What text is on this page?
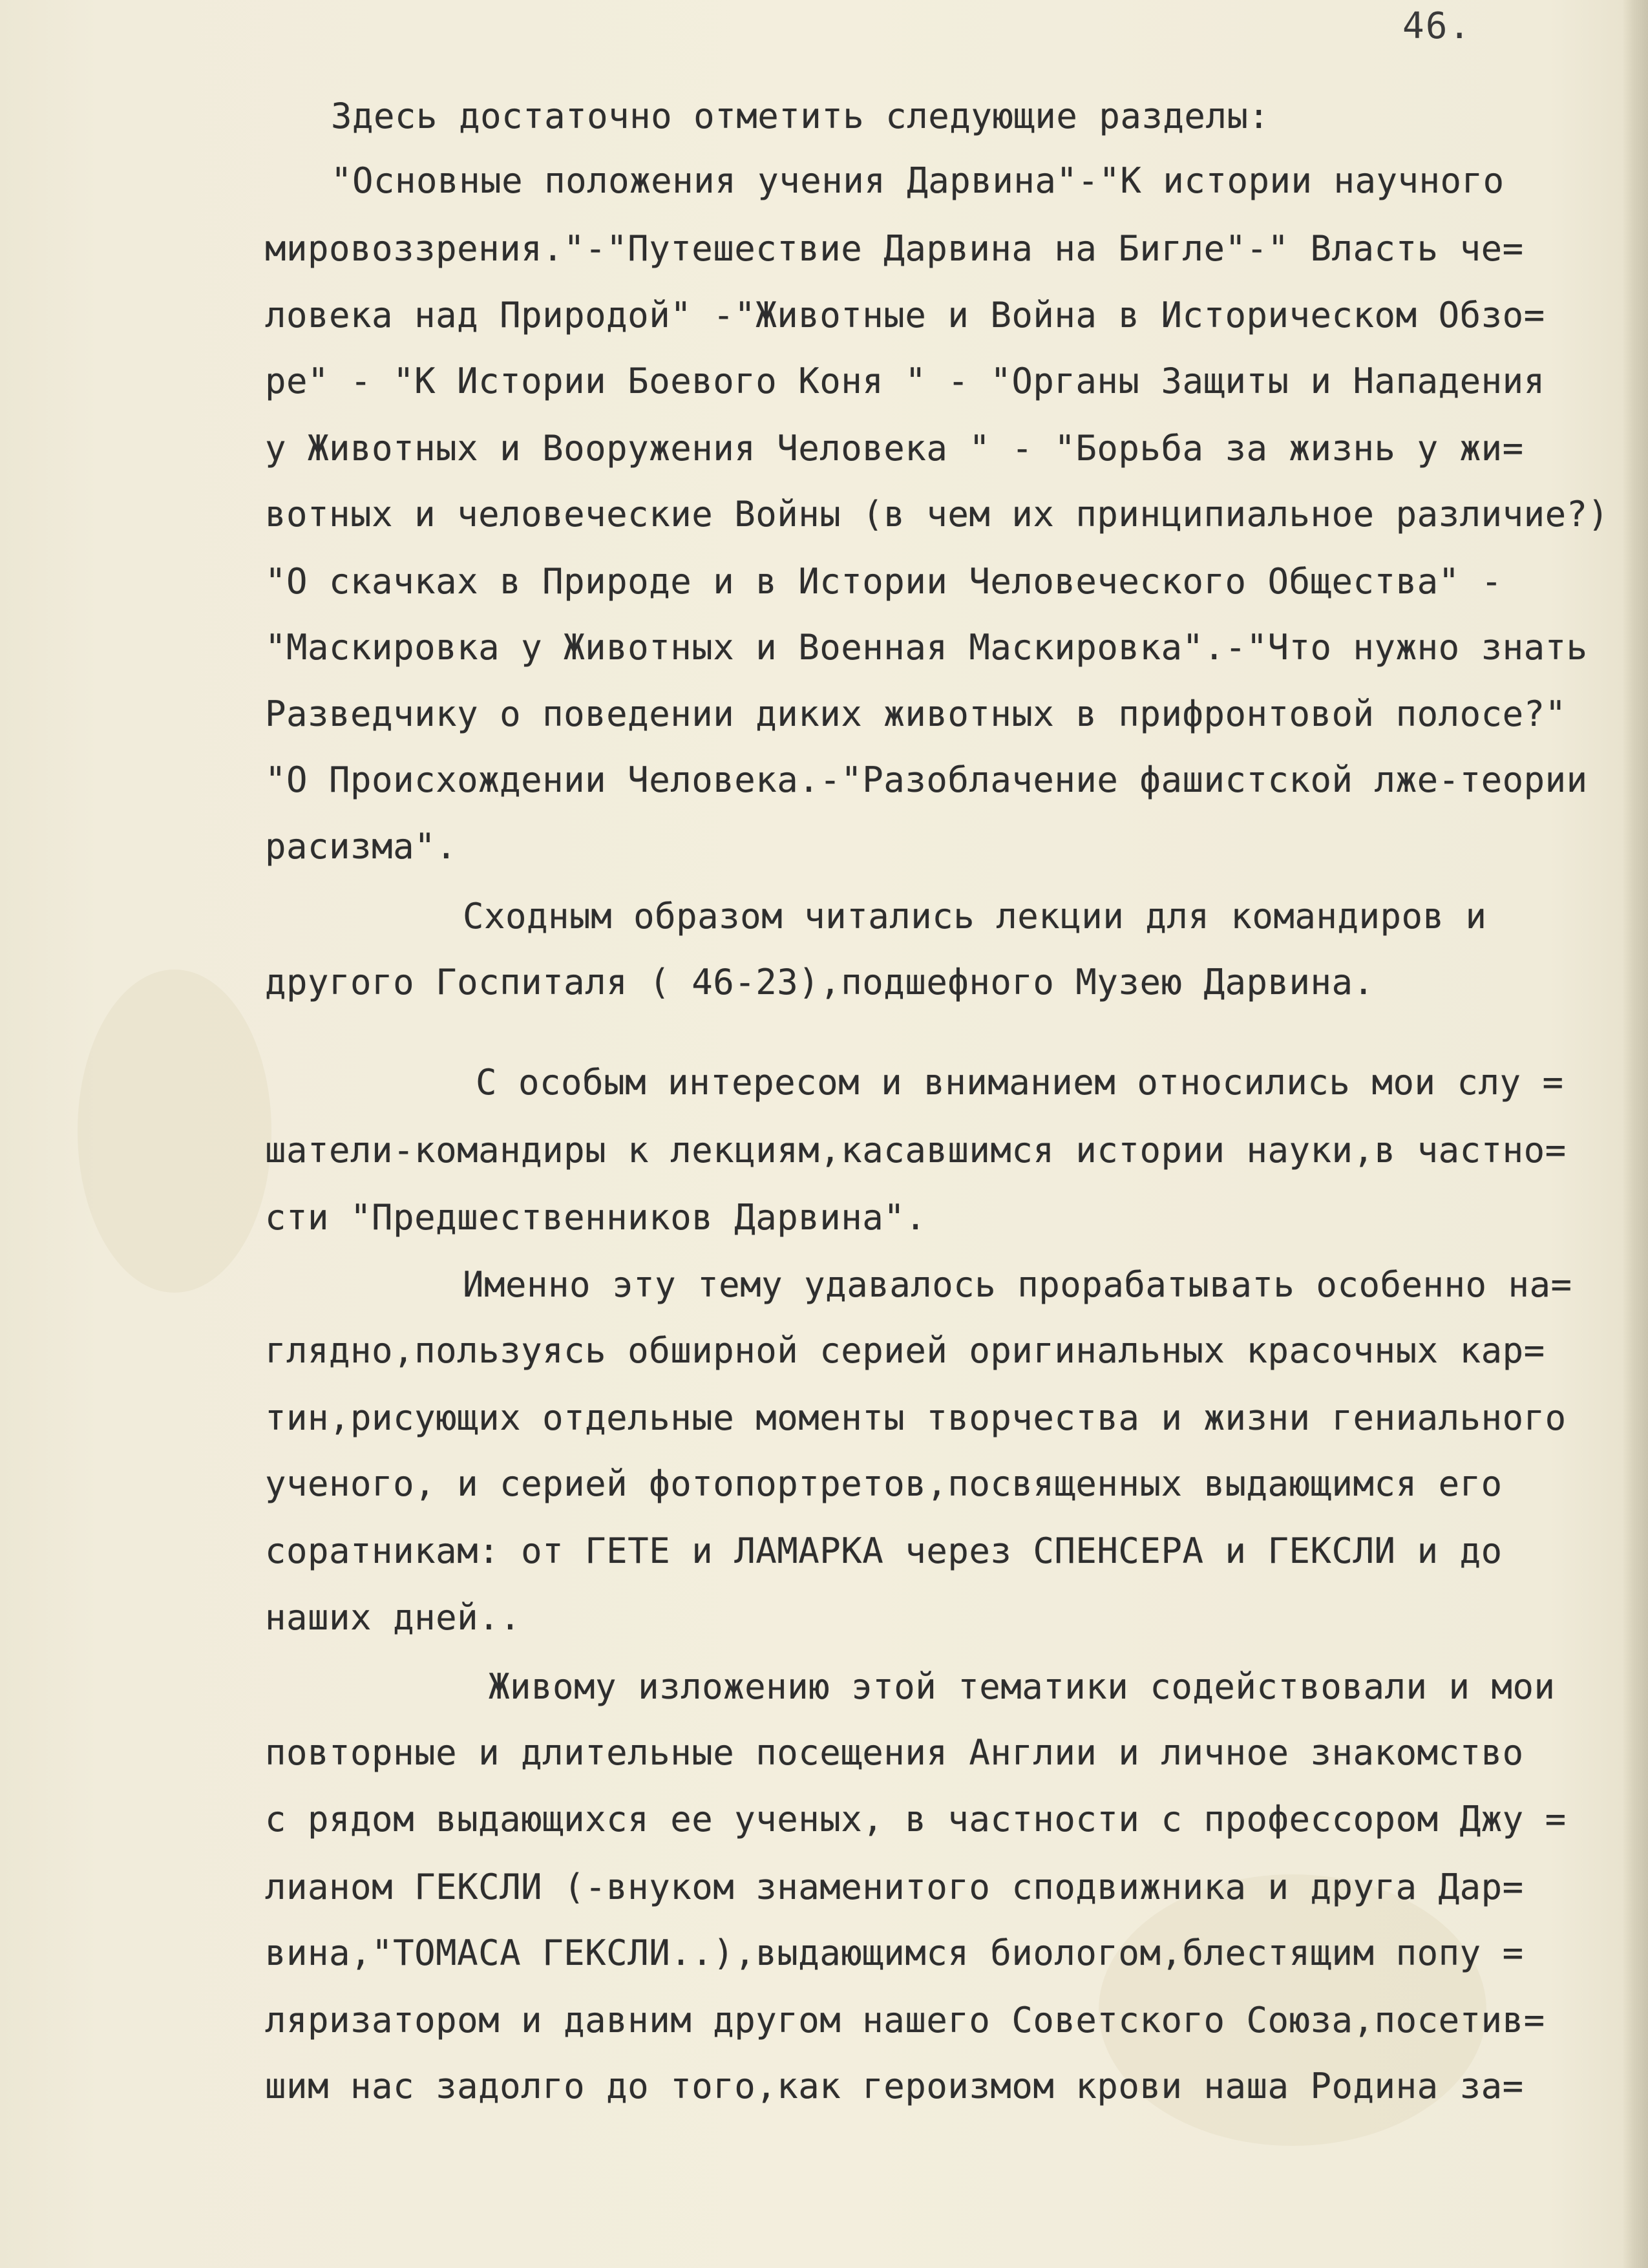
46.
Здесь достаточно отметить следующие разделы:
"Основные положения учения Дарвина"-"К истории научного
мировоззрения."-"Путешествие Дарвина на Бигле"-" Власть че=
ловека над Природой" -"Животные и Война в Историческом Обзо=
ре" - "К Истории Боевого Коня " - "Органы Защиты и Нападения
у Животных и Вооружения Человека " - "Борьба за жизнь у жи=
вотных и человеческие Войны (в чем их принципиальное различие?)
"О скачках в Природе и в Истории Человеческого Общества" -
"Маскировка у Животных и Военная Маскировка".-"Что нужно знать
Разведчику о поведении диких животных в прифронтовой полосе?"
"О Происхождении Человека.-"Разоблачение фашистской лже-теории
расизма".
Сходным образом читались лекции для командиров и
другого Госпиталя ( 46-23),подшефного Музею Дарвина.
С особым интересом и вниманием относились мои слу =
шатели-командиры к лекциям,касавшимся истории науки,в частно=
сти "Предшественников Дарвина".
Именно эту тему удавалось прорабатывать особенно на=
глядно,пользуясь обширной серией оригинальных красочных кар=
тин,рисующих отдельные моменты творчества и жизни гениального
ученого, и серией фотопортретов,посвященных выдающимся его
соратникам: от ГЕТЕ и ЛАМАРКА через СПЕНСЕРА и ГЕКСЛИ и до
наших дней..
Живому изложению этой тематики содействовали и мои
повторные и длительные посещения Англии и личное знакомство
с рядом выдающихся ее ученых, в частности с профессором Джу =
лианом ГЕКСЛИ (-внуком знаменитого сподвижника и друга Дар=
вина,"ТОМАСА ГЕКСЛИ..),выдающимся биологом,блестящим попу =
ляризатором и давним другом нашего Советского Союза,посетив=
шим нас задолго до того,как героизмом крови наша Родина за=
